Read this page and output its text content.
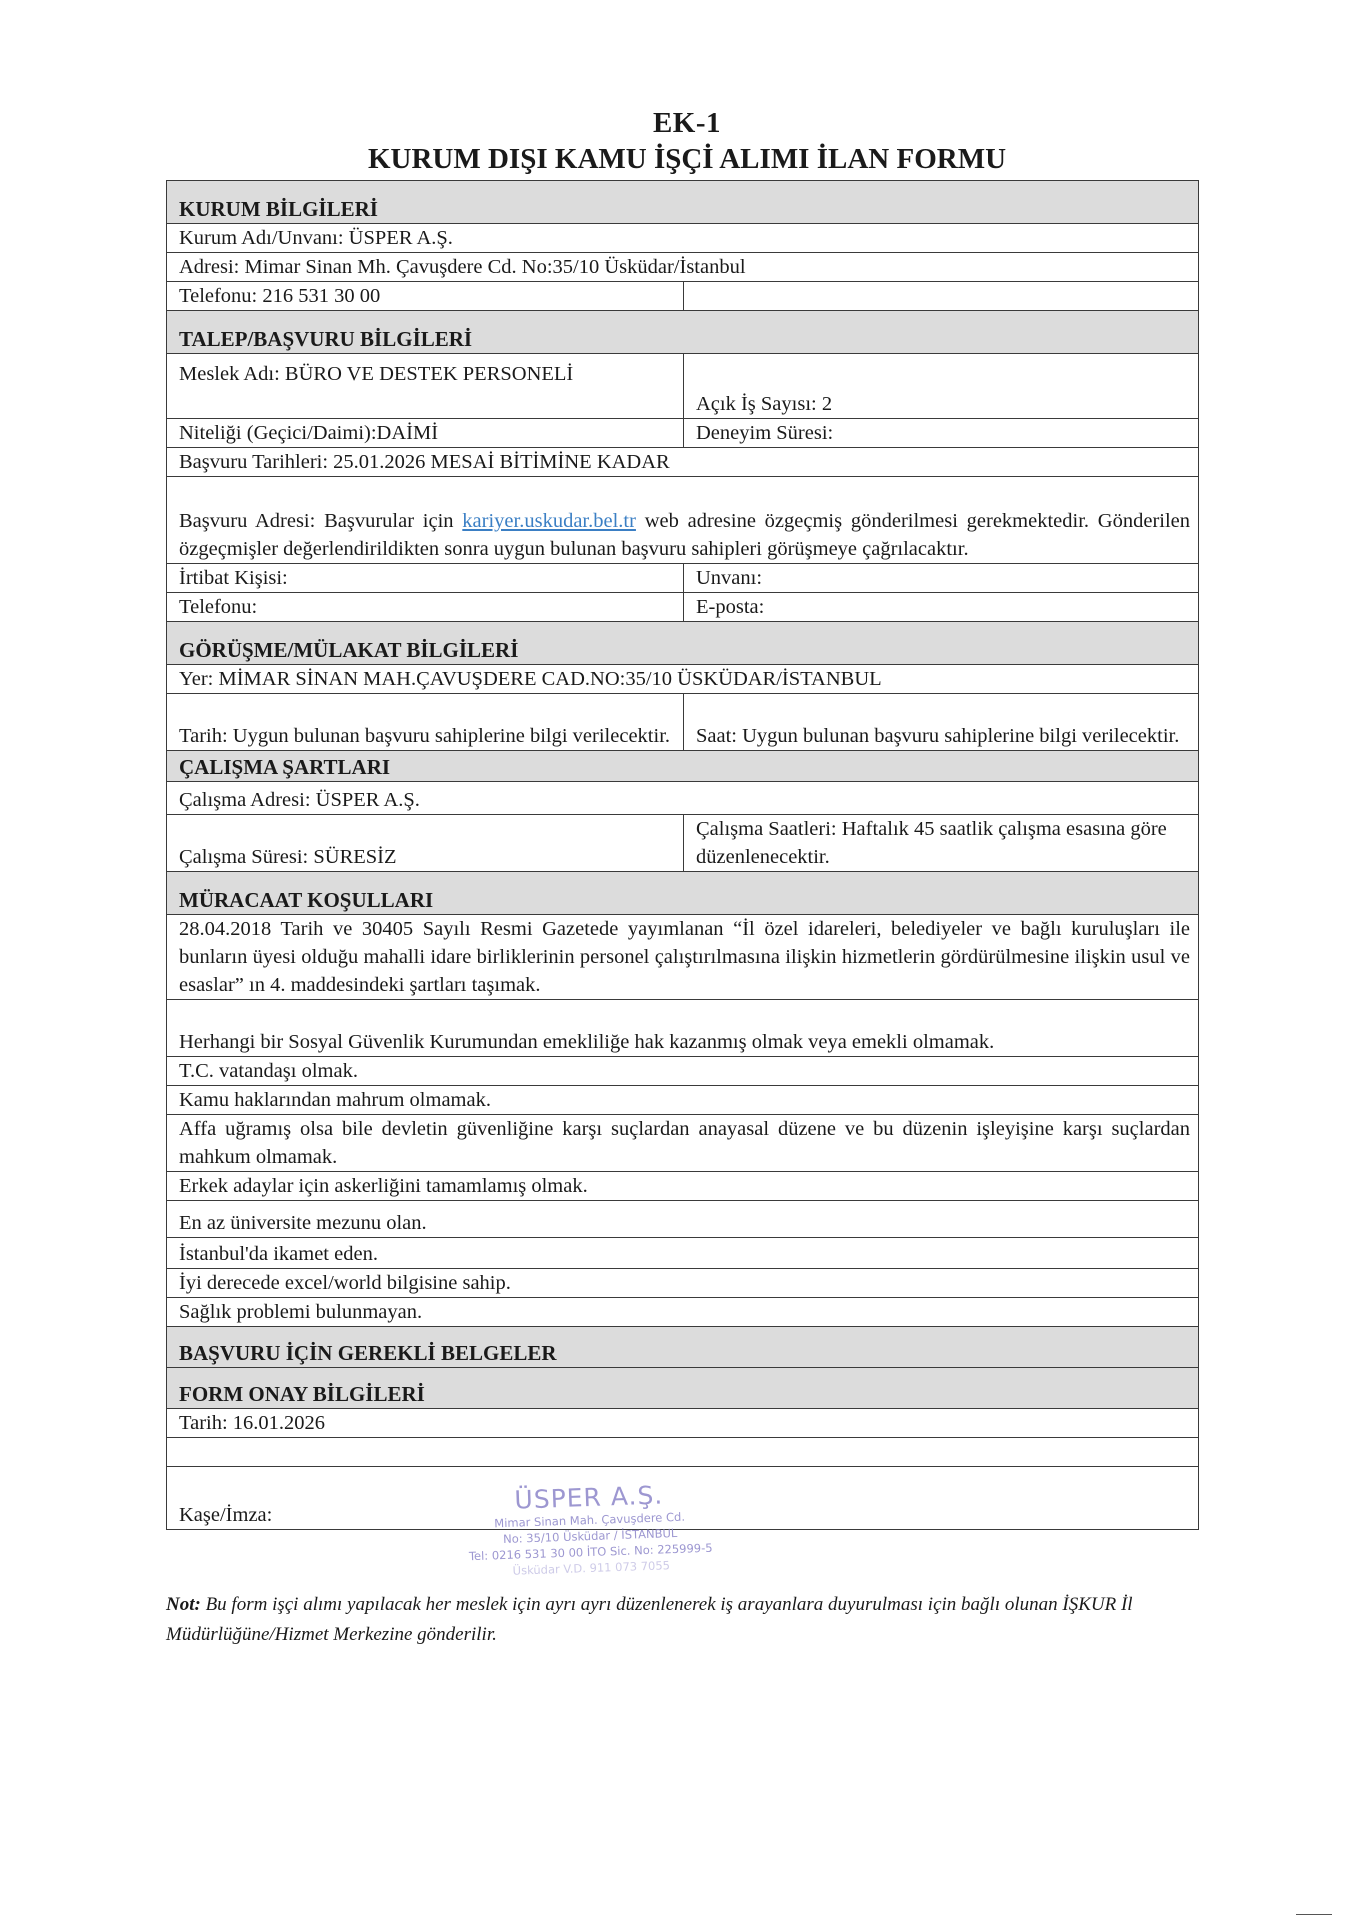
EK-1
KURUM DIŞI KAMU İŞÇİ ALIMI İLAN FORMU
KURUM BİLGİLERİ	
Kurum Adı/Unvanı: ÜSPER A.Ş.	
Adresi: Mimar Sinan Mh. Çavuşdere Cd. No:35/10 Üsküdar/İstanbul	
Telefonu: 216 531 30 00	
TALEP/BAŞVURU BİLGİLERİ	
Meslek Adı: BÜRO VE DESTEK PERSONELİ	Açık İş Sayısı: 2
Niteliği (Geçici/Daimi):DAİMİ	Deneyim Süresi:
Başvuru Tarihleri: 25.01.2026 MESAİ BİTİMİNE KADAR	
Başvuru Adresi: Başvurular için kariyer.uskudar.bel.tr web adresine özgeçmiş gönderilmesi gerekmektedir. Gönderilen özgeçmişler değerlendirildikten sonra uygun bulunan başvuru sahipleri görüşmeye çağrılacaktır.	
İrtibat Kişisi:	Unvanı:
Telefonu:	E-posta:
GÖRÜŞME/MÜLAKAT BİLGİLERİ	
Yer: MİMAR SİNAN MAH.ÇAVUŞDERE CAD.NO:35/10 ÜSKÜDAR/İSTANBUL	
Tarih: Uygun bulunan başvuru sahiplerine bilgi verilecektir.	Saat: Uygun bulunan başvuru sahiplerine bilgi verilecektir.
ÇALIŞMA ŞARTLARI	
Çalışma Adresi: ÜSPER A.Ş.	
Çalışma Süresi: SÜRESİZ	Çalışma Saatleri: Haftalık 45 saatlik çalışma esasına göre düzenlenecektir.
MÜRACAAT KOŞULLARI	
28.04.2018 Tarih ve 30405 Sayılı Resmi Gazetede yayımlanan “İl özel idareleri, belediyeler ve bağlı kuruluşları ile bunların üyesi olduğu mahalli idare birliklerinin personel çalıştırılmasına ilişkin hizmetlerin gördürülmesine ilişkin usul ve esaslar” ın 4. maddesindeki şartları taşımak.	
Herhangi bir Sosyal Güvenlik Kurumundan emekliliğe hak kazanmış olmak veya emekli olmamak.	
T.C. vatandaşı olmak.	
Kamu haklarından mahrum olmamak.	
Affa uğramış olsa bile devletin güvenliğine karşı suçlardan anayasal düzene ve bu düzenin işleyişine karşı suçlardan mahkum olmamak.	
Erkek adaylar için askerliğini tamamlamış olmak.	
En az üniversite mezunu olan.	
İstanbul'da ikamet eden.	
İyi derecede excel/world bilgisine sahip.	
Sağlık problemi bulunmayan.	
BAŞVURU İÇİN GEREKLİ BELGELER	
FORM ONAY BİLGİLERİ	
Tarih: 16.01.2026	

Kaşe/İmza:	
ÜSPER A.Ş.
Mimar Sinan Mah. Çavuşdere Cd.
No: 35/10 Üsküdar / İSTANBUL
Tel: 0216 531 30 00 İTO Sic. No: 225999-5
Üsküdar V.D. 911 073 7055
Not: Bu form işçi alımı yapılacak her meslek için ayrı ayrı düzenlenerek iş arayanlara duyurulması için bağlı olunan İŞKUR İl Müdürlüğüne/Hizmet Merkezine gönderilir.
